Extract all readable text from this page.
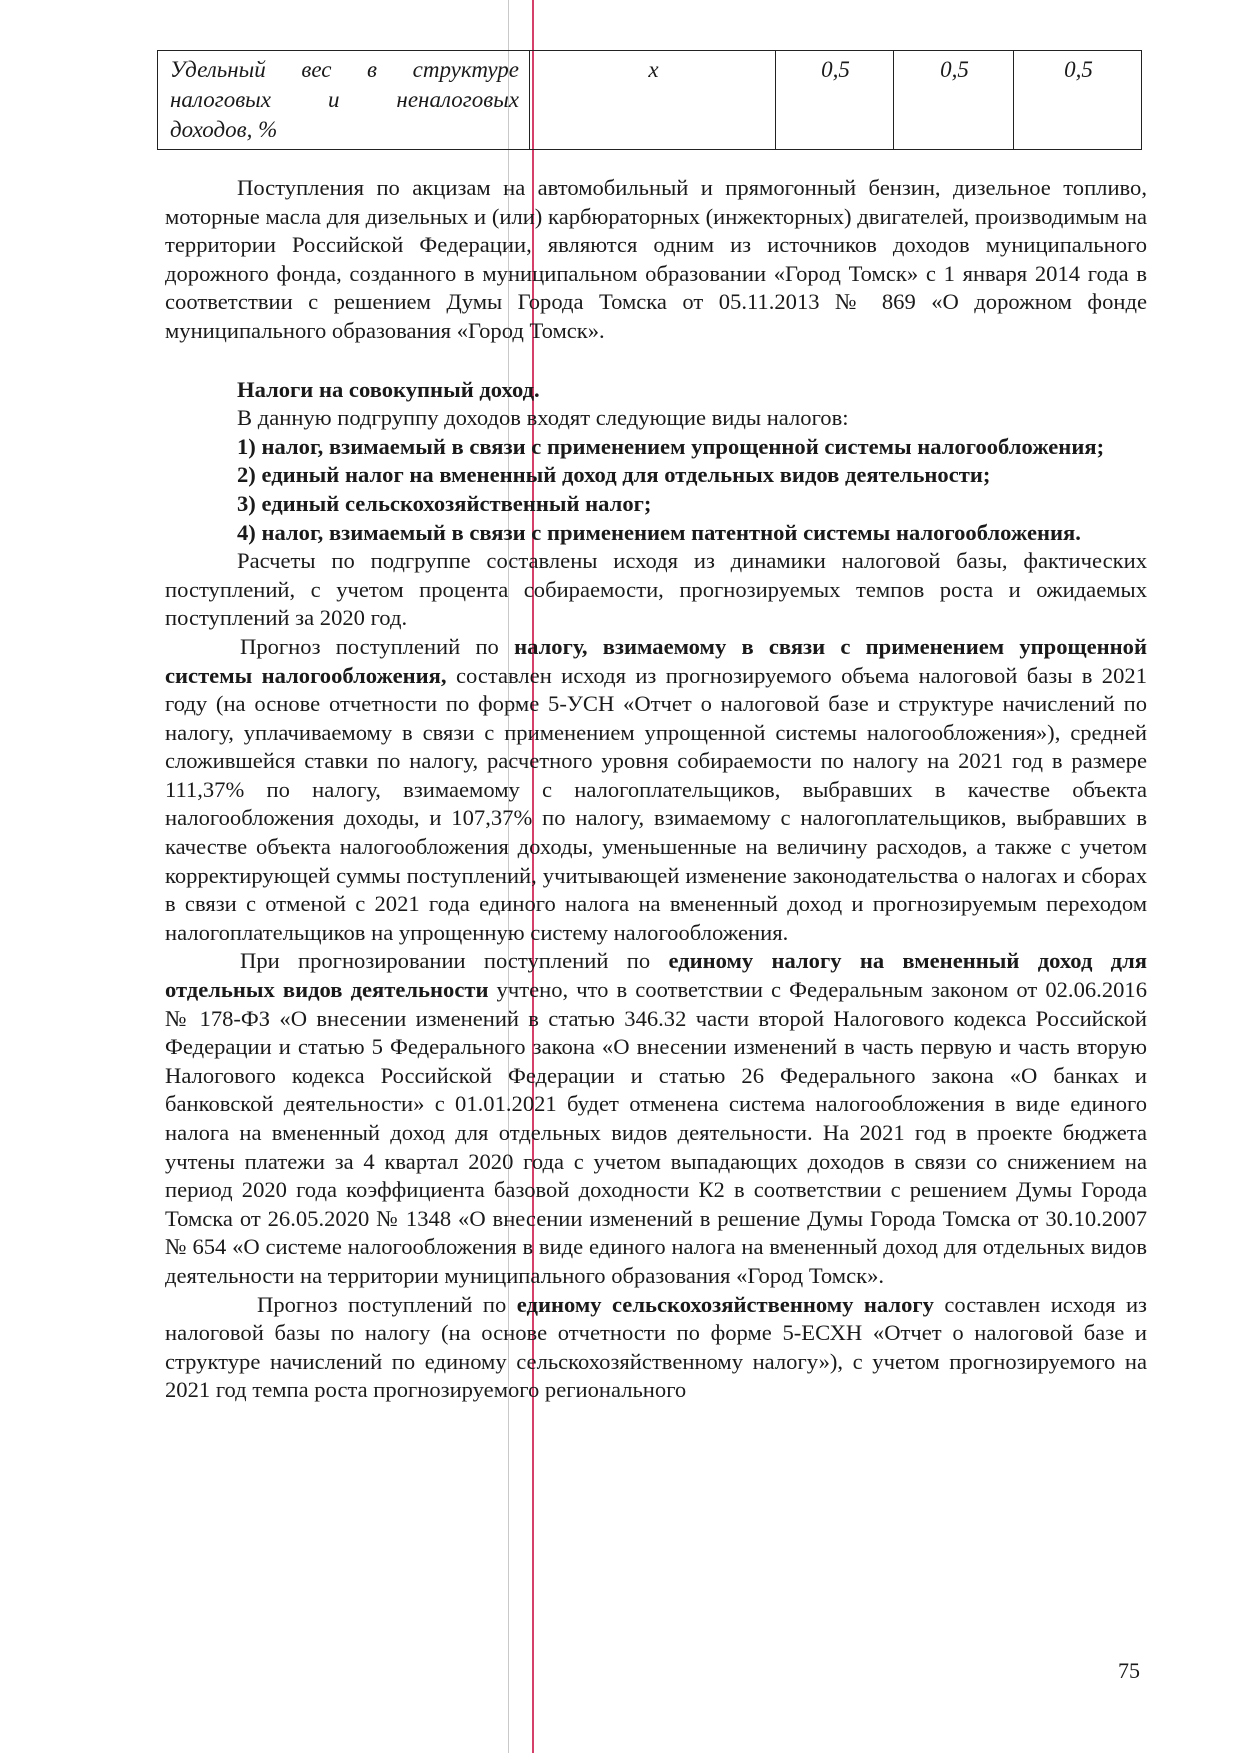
Удельный вес в структуре
налоговых и неналоговых
доходов, %
	х	0,5	0,5	0,5

Поступления по акцизам на автомобильный и прямогонный бензин, дизельное топливо, моторные масла для дизельных и (или) карбюраторных (инжекторных) двигателей, производимым на территории Российской Федерации, являются одним из источников доходов муниципального дорожного фонда, созданного в муниципальном образовании «Город Томск» с 1 января 2014 года в соответствии с решением Думы Города Томска от 05.11.2013 № 869 «О дорожном фонде муниципального образования «Город Томск».

Налоги на совокупный доход.

В данную подгруппу доходов входят следующие виды налогов:

1) налог, взимаемый в связи с применением упрощенной системы налогообложения;

2) единый налог на вмененный доход для отдельных видов деятельности;

3) единый сельскохозяйственный налог;

4) налог, взимаемый в связи с применением патентной системы налогообложения.

Расчеты по подгруппе составлены исходя из динамики налоговой базы, фактических поступлений, с учетом процента собираемости, прогнозируемых темпов роста и ожидаемых поступлений за 2020 год.

Прогноз поступлений по налогу, взимаемому в связи с применением упрощенной системы налогообложения, составлен исходя из прогнозируемого объема налоговой базы в 2021 году (на основе отчетности по форме 5-УСН «Отчет о налоговой базе и структуре начислений по налогу, уплачиваемому в связи с применением упрощенной системы налогообложения»), средней сложившейся ставки по налогу, расчетного уровня собираемости по налогу на 2021 год в размере 111,37% по налогу, взимаемому с налогоплательщиков, выбравших в качестве объекта налогообложения доходы, и 107,37% по налогу, взимаемому с налогоплательщиков, выбравших в качестве объекта налогообложения доходы, уменьшенные на величину расходов, а также с учетом корректирующей суммы поступлений, учитывающей изменение законодательства о налогах и сборах в связи с отменой с 2021 года единого налога на вмененный доход и прогнозируемым переходом налогоплательщиков на упрощенную систему налогообложения.

При прогнозировании поступлений по единому налогу на вмененный доход для отдельных видов деятельности учтено, что в соответствии с Федеральным законом от 02.06.2016 № 178-ФЗ «О внесении изменений в статью 346.32 части второй Налогового кодекса Российской Федерации и статью 5 Федерального закона «О внесении изменений в часть первую и часть вторую Налогового кодекса Российской Федерации и статью 26 Федерального закона «О банках и банковской деятельности» с 01.01.2021 будет отменена система налогообложения в виде единого налога на вмененный доход для отдельных видов деятельности. На 2021 год в проекте бюджета учтены платежи за 4 квартал 2020 года с учетом выпадающих доходов в связи со снижением на период 2020 года коэффициента базовой доходности К2 в соответствии с решением Думы Города Томска от 26.05.2020 № 1348 «О внесении изменений в решение Думы Города Томска от 30.10.2007 № 654 «О системе налогообложения в виде единого налога на вмененный доход для отдельных видов деятельности на территории муниципального образования «Город Томск».

Прогноз поступлений по единому сельскохозяйственному налогу составлен исходя из налоговой базы по налогу (на основе отчетности по форме 5-ЕСХН «Отчет о налоговой базе и структуре начислений по единому сельскохозяйственному налогу»), с учетом прогнозируемого на 2021 год темпа роста прогнозируемого регионального

75
